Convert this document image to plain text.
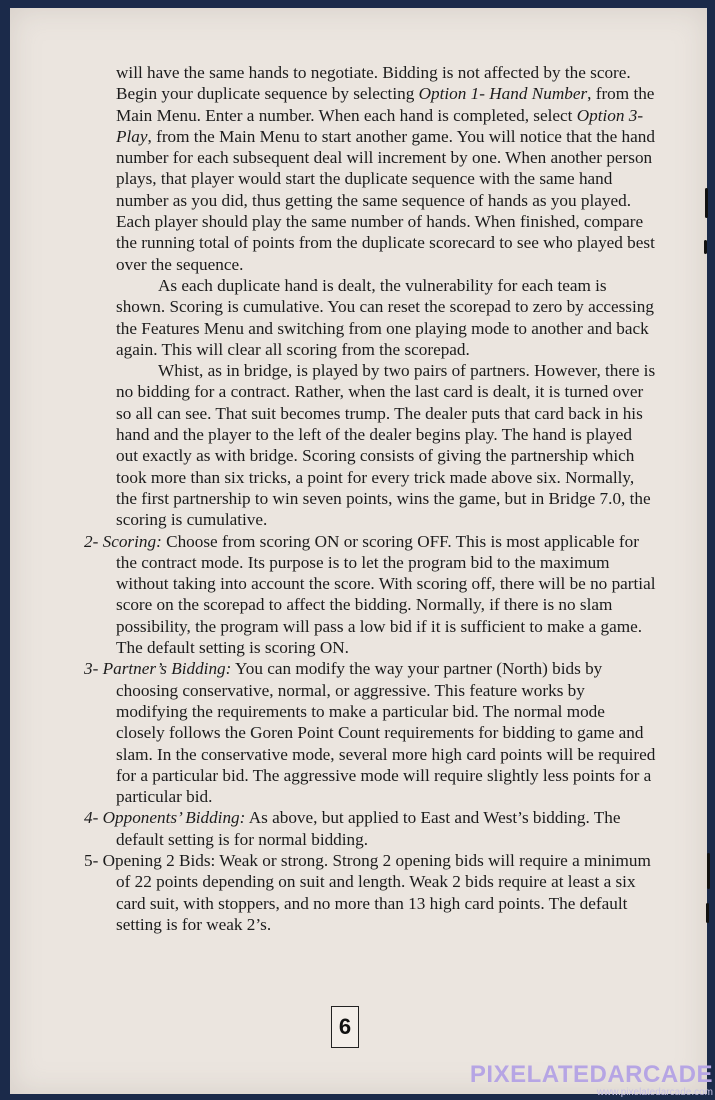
will have the same hands to negotiate. Bidding is not affected by the score. Begin your duplicate sequence by selecting Option 1- Hand Number, from the Main Menu. Enter a number. When each hand is completed, select Option 3- Play, from the Main Menu to start another game. You will notice that the hand number for each subsequent deal will increment by one. When another person plays, that player would start the duplicate sequence with the same hand number as you did, thus getting the same sequence of hands as you played. Each player should play the same number of hands. When finished, compare the running total of points from the duplicate scorecard to see who played best over the sequence.

As each duplicate hand is dealt, the vulnerability for each team is shown. Scoring is cumulative. You can reset the scorepad to zero by accessing the Features Menu and switching from one playing mode to another and back again. This will clear all scoring from the scorepad.

Whist, as in bridge, is played by two pairs of partners. However, there is no bidding for a contract. Rather, when the last card is dealt, it is turned over so all can see. That suit becomes trump. The dealer puts that card back in his hand and the player to the left of the dealer begins play. The hand is played out exactly as with bridge. Scoring consists of giving the partnership which took more than six tricks, a point for every trick made above six. Normally, the first partnership to win seven points, wins the game, but in Bridge 7.0, the scoring is cumulative.

2- Scoring: Choose from scoring ON or scoring OFF. This is most applicable for the contract mode. Its purpose is to let the program bid to the maximum without taking into account the score. With scoring off, there will be no partial score on the scorepad to affect the bidding. Normally, if there is no slam possibility, the program will pass a low bid if it is sufficient to make a game. The default setting is scoring ON.

3- Partner’s Bidding: You can modify the way your partner (North) bids by choosing conservative, normal, or aggressive. This feature works by modifying the requirements to make a particular bid. The normal mode closely follows the Goren Point Count requirements for bidding to game and slam. In the conservative mode, several more high card points will be required for a particular bid. The aggressive mode will require slightly less points for a particular bid.

4- Opponents’ Bidding: As above, but applied to East and West’s bidding. The default setting is for normal bidding.

5- Opening 2 Bids: Weak or strong. Strong 2 opening bids will require a minimum of 22 points depending on suit and length. Weak 2 bids require at least a six card suit, with stoppers, and no more than 13 high card points. The default setting is for weak 2’s.

6
PIXELATEDARCADE
www.pixelatedarcade.com
